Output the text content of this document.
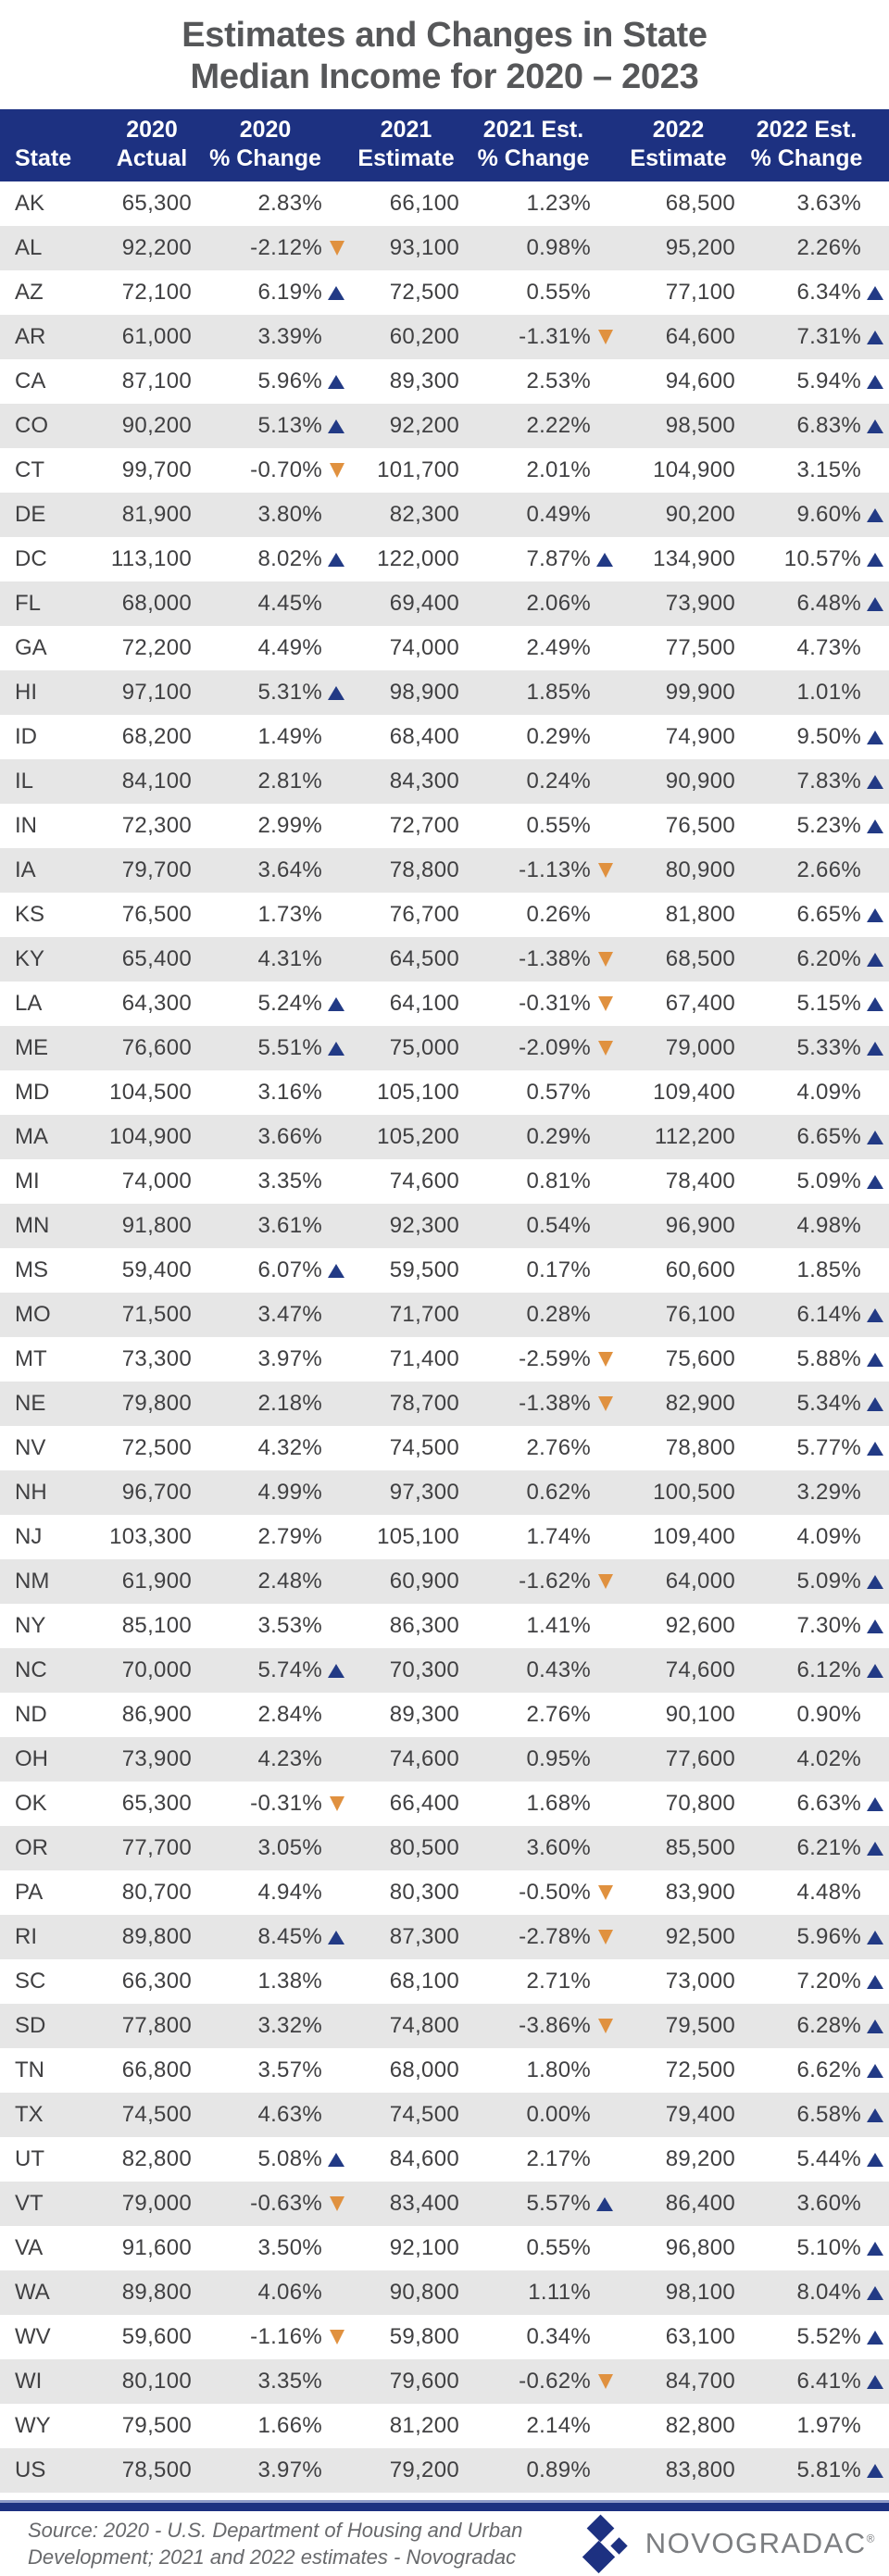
Estimates and Changes in State
Median Income for 2020 – 2023
State
2020
Actual
2020
% Change
2021
Estimate
2021 Est.
% Change
2022
Estimate
2022 Est.
% Change
AK	65,300	2.83%	66,100	1.23%	68,500	3.63%
AL	92,200	-2.12%	93,100	0.98%	95,200	2.26%
AZ	72,100	6.19%	72,500	0.55%	77,100	6.34%
AR	61,000	3.39%	60,200	-1.31%	64,600	7.31%
CA	87,100	5.96%	89,300	2.53%	94,600	5.94%
CO	90,200	5.13%	92,200	2.22%	98,500	6.83%
CT	99,700	-0.70%	101,700	2.01%	104,900	3.15%
DE	81,900	3.80%	82,300	0.49%	90,200	9.60%
DC	113,100	8.02%	122,000	7.87%	134,900 10.57%
FL	68,000	4.45%	69,400	2.06%	73,900	6.48%
GA	72,200	4.49%	74,000	2.49%	77,500	4.73%
HI	97,100	5.31%	98,900	1.85%	99,900	1.01%
ID	68,200	1.49%	68,400	0.29%	74,900	9.50%
IL	84,100	2.81%	84,300	0.24%	90,900	7.83%
IN	72,300	2.99%	72,700	0.55%	76,500	5.23%
IA	79,700	3.64%	78,800	-1.13%	80,900	2.66%
KS	76,500	1.73%	76,700	0.26%	81,800	6.65%
KY	65,400	4.31%	64,500	-1.38%	68,500	6.20%
LA	64,300	5.24%	64,100	-0.31%	67,400	5.15%
ME	76,600	5.51%	75,000	-2.09%	79,000	5.33%
MD	104,500	3.16%	105,100	0.57%	109,400	4.09%
MA	104,900	3.66%	105,200	0.29%	112,200	6.65%
MI	74,000	3.35%	74,600	0.81%	78,400	5.09%
MN	91,800	3.61%	92,300	0.54%	96,900	4.98%
MS	59,400	6.07%	59,500	0.17%	60,600	1.85%
MO	71,500	3.47%	71,700	0.28%	76,100	6.14%
MT	73,300	3.97%	71,400	-2.59%	75,600	5.88%
NE	79,800	2.18%	78,700	-1.38%	82,900	5.34%
NV	72,500	4.32%	74,500	2.76%	78,800	5.77%
NH	96,700	4.99%	97,300	0.62%	100,500	3.29%
NJ	103,300	2.79%	105,100	1.74%	109,400	4.09%
NM	61,900	2.48%	60,900	-1.62%	64,000	5.09%
NY	85,100	3.53%	86,300	1.41%	92,600	7.30%
NC	70,000	5.74%	70,300	0.43%	74,600	6.12%
ND	86,900	2.84%	89,300	2.76%	90,100	0.90%
OH	73,900	4.23%	74,600	0.95%	77,600	4.02%
OK	65,300	-0.31%	66,400	1.68%	70,800	6.63%
OR	77,700	3.05%	80,500	3.60%	85,500	6.21%
PA	80,700	4.94%	80,300	-0.50%	83,900	4.48%
RI	89,800	8.45%	87,300	-2.78%	92,500	5.96%
SC	66,300	1.38%	68,100	2.71%	73,000	7.20%
SD	77,800	3.32%	74,800	-3.86%	79,500	6.28%
TN	66,800	3.57%	68,000	1.80%	72,500	6.62%
TX	74,500	4.63%	74,500	0.00%	79,400	6.58%
UT	82,800	5.08%	84,600	2.17%	89,200	5.44%
VT	79,000	-0.63%	83,400	5.57%	86,400	3.60%
VA	91,600	3.50%	92,100	0.55%	96,800	5.10%
WA	89,800	4.06%	90,800	1.11%	98,100	8.04%
WV	59,600	-1.16%	59,800	0.34%	63,100	5.52%
WI	80,100	3.35%	79,600	-0.62%	84,700	6.41%
WY	79,500	1.66%	81,200	2.14%	82,800	1.97%
US	78,500	3.97%	79,200	0.89%	83,800	5.81%
Source: 2020 - U.S. Department of Housing and Urban
Development; 2021 and 2022 estimates - Novogradac	NOVOGRADAC®
